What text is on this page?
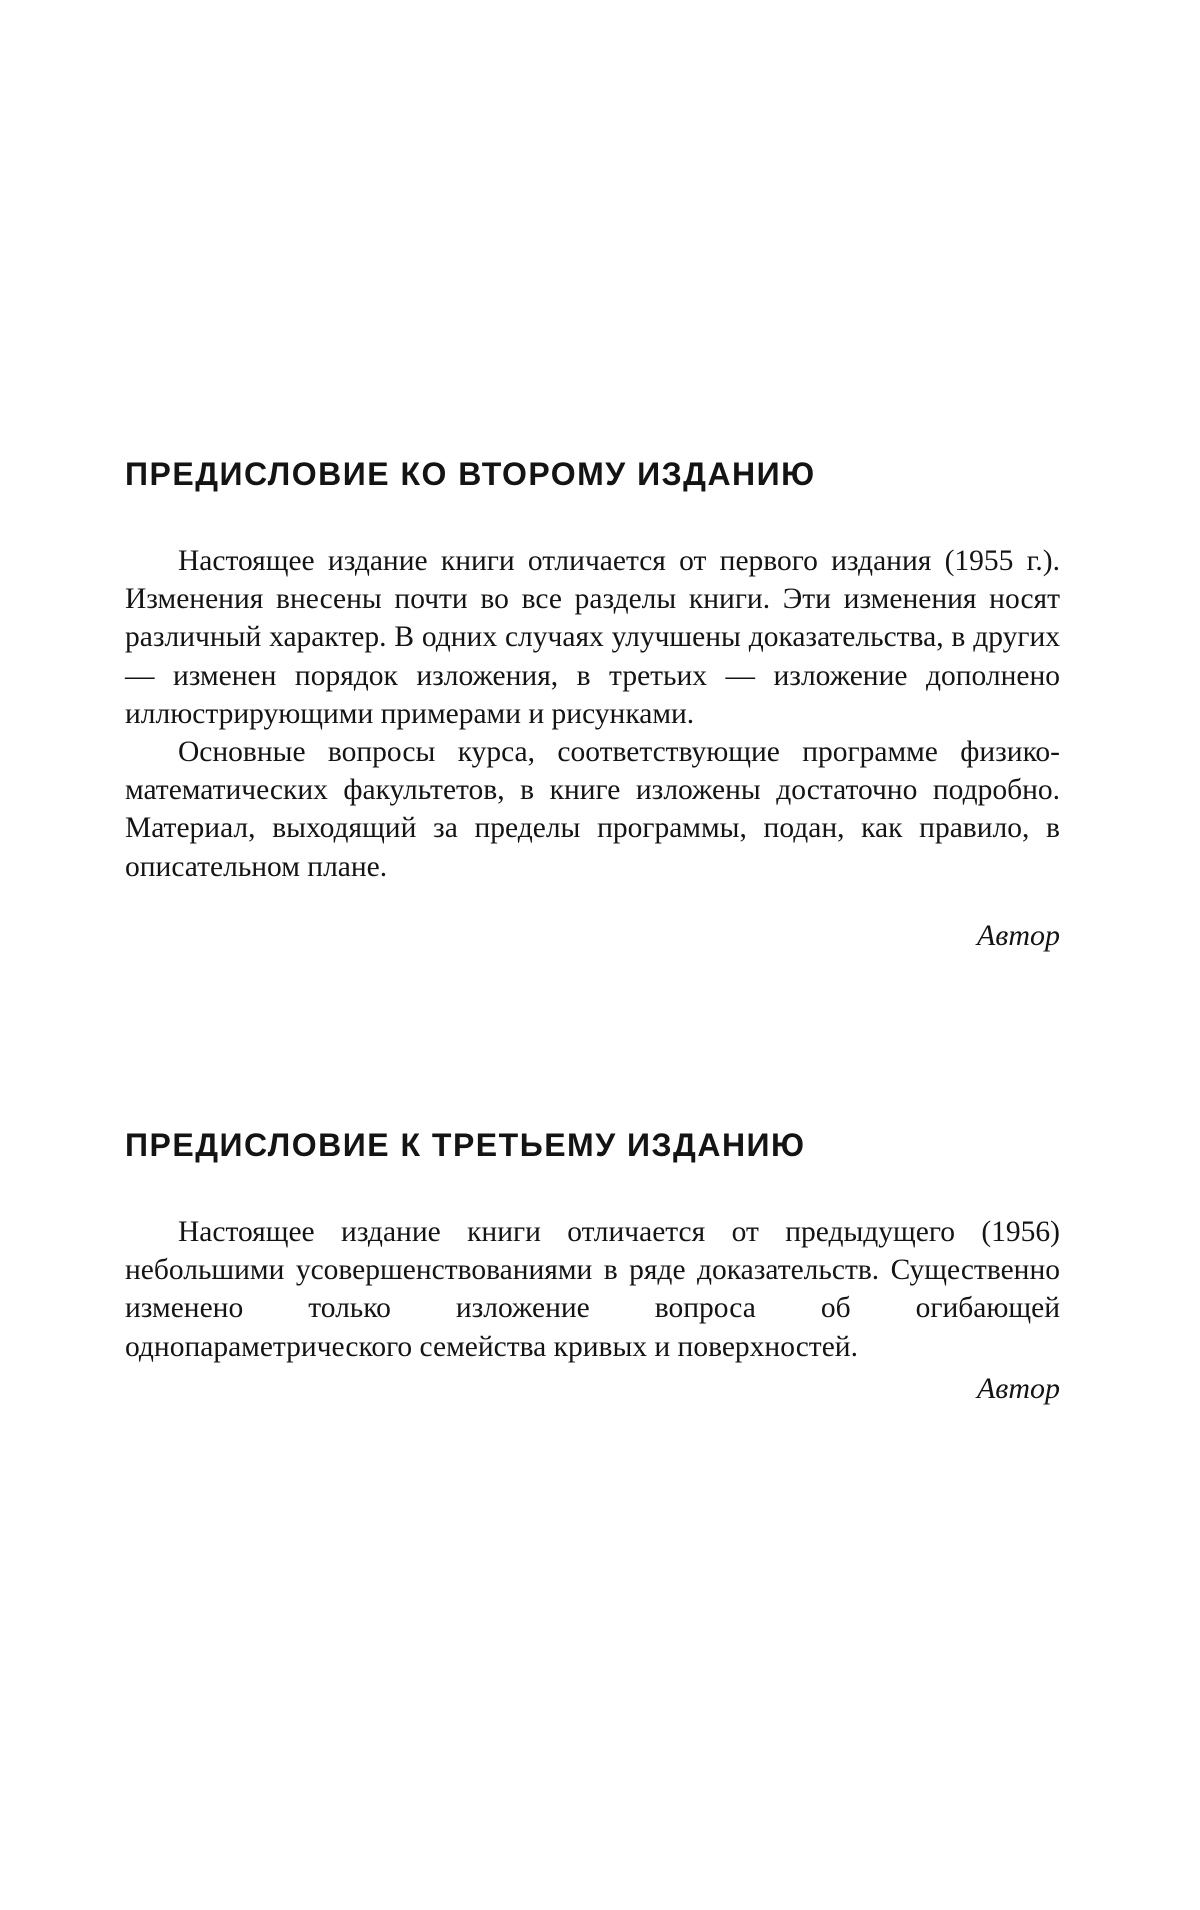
ПРЕДИСЛОВИЕ КО ВТОРОМУ ИЗДАНИЮ

Настоящее издание книги отличается от первого издания (1955 г.). Изменения внесены почти во все разделы книги. Эти изменения носят различный характер. В одних случаях улучшены доказательства, в других — изменен порядок изложения, в третьих — изложение дополнено иллюстрирующими примерами и рисунками.

Основные вопросы курса, соответствующие программе физико-математических факультетов, в книге изложены достаточно подробно. Материал, выходящий за пределы программы, подан, как правило, в описательном плане.

Автор

ПРЕДИСЛОВИЕ К ТРЕТЬЕМУ ИЗДАНИЮ

Настоящее издание книги отличается от предыдущего (1956) небольшими усовершенствованиями в ряде доказательств. Существенно изменено только изложение вопроса об огибающей однопараметрического семейства кривых и поверхностей.

Автор
